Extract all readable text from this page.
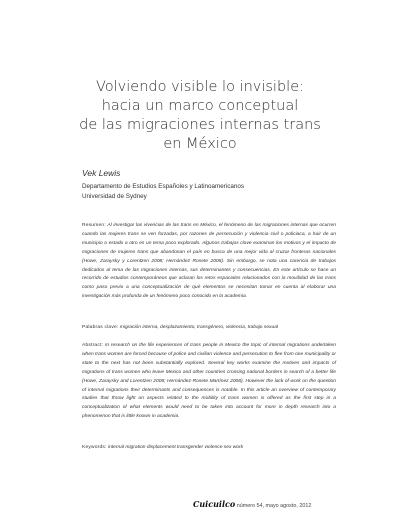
Volviendo visible lo invisible:
hacia un marco conceptual
de las migraciones internas trans
en México
Vek Lewis
Departamento de Estudios Españoles y Latinoamericanos
Universidad de Sydney
Resumen: Al investigar las vivencias de las trans en México, el fenómeno de las migraciones internas que ocurren cuando las mujeres trans se ven forzadas, por razones de persecución y violencia civil o policiaca, a huir de un municipio o estado a otro es un tema poco explorado. Algunos trabajos clave examinan los motivos y el impacto de migraciones de mujeres trans que abandonan el país en busca de una mejor vida al cruzar fronteras nacionales (Howe, Zaraysky y Lorentzen 2008; Hernández Rosete 2008). Sin embargo, se nota una carencia de trabajos dedicados al tema de las migraciones internas, sus determinantes y consecuencias. En este artículo se hace un recorrido de estudios contemporáneos que aclaran los retos espaciales relacionados con la movilidad de las trans como paso previo a una conceptualización de qué elementos se necesitan tomar en cuenta al elaborar una investigación más profunda de un fenómeno poco conocido en la academia.
Palabras clave: migración interna, desplazamiento, transgénero, violencia, trabajo sexual
Abstract: In research on the life experiences of trans people in Mexico the topic of internal migrations undertaken when trans women are forced because of police and civilian violence and persecution to flee from one municipality or state to the next has not been substantially explored. Several key works examine the motives and impacts of migrations of trans women who leave Mexico and other countries crossing national borders in search of a better life (Howe, Zaraysky and Lorentzen 2008; Hernández-Rosete Martínez 2008). However the lack of work on the question of internal migrations their determinants and consequences is notable. In this article an overview of contemporary studies that throw light on aspects related to the mobility of trans women is offered as the first step in a conceptualization of what elements would need to be taken into account for more in depth research into a phenomenon that is little known in academia.
Keywords: internal migration displacement transgender violence sex work
Cuicuilco número 54, mayo agosto, 2012
